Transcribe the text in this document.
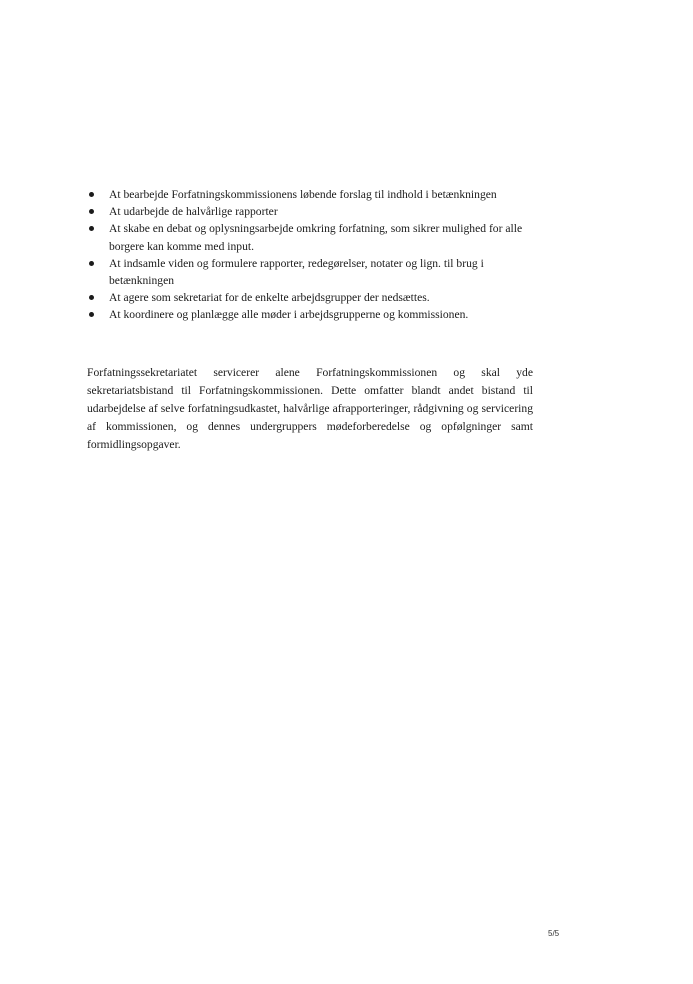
At bearbejde Forfatningskommissionens løbende forslag til indhold i betænkningen
At udarbejde de halvårlige rapporter
At skabe en debat og oplysningsarbejde omkring forfatning, som sikrer mulighed for alle borgere kan komme med input.
At indsamle viden og formulere rapporter, redegørelser, notater og lign. til brug i betænkningen
At agere som sekretariat for de enkelte arbejdsgrupper der nedsættes.
At koordinere og planlægge alle møder i arbejdsgrupperne og kommissionen.

Forfatningssekretariatet servicerer alene Forfatningskommissionen og skal yde sekretariatsbistand til Forfatningskommissionen. Dette omfatter blandt andet bistand til udarbejdelse af selve forfatningsudkastet, halvårlige afrapporteringer, rådgivning og servicering af kommissionen, og dennes undergruppers mødeforberedelse og opfølgninger samt formidlingsopgaver.

5/5
